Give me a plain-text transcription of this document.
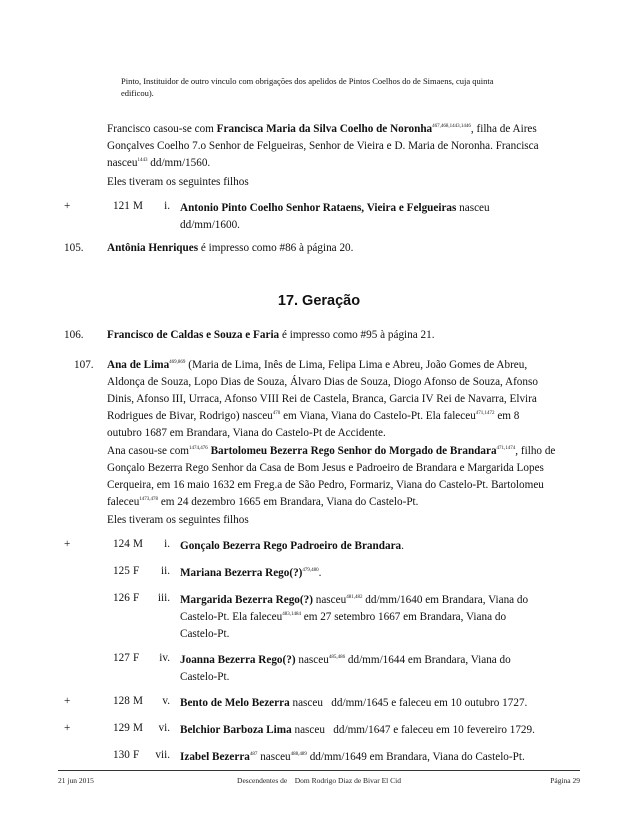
Pinto, Instituidor de outro vinculo com obrigações dos apelidos de Pintos Coelhos do de Simaens, cuja quinta
edificou).
Francisco casou-se com Francisca Maria da Silva Coelho de Noronha$^{467,468,1443,1446}$, filha de Aires
Gonçalves Coelho 7.o Senhor de Felgueiras, Senhor de Vieira e D. Maria de Noronha. Francisca
nasceu$^{1443}$ dd/mm/1560.
Eles tiveram os seguintes filhos
+	121 M	i. Antonio Pinto Coelho Senhor Rataens, Vieira e Felgueiras nasceu
dd/mm/1600.
105. Antônia Henriques é impresso como #86 à página 20.
17. Geração
106. Francisco de Caldas e Souza e Faria é impresso como #95 à página 21.
107. Ana de Lima$^{469,869}$ (Maria de Lima, Inês de Lima, Felipa Lima e Abreu, João Gomes de Abreu,
Aldonça de Souza, Lopo Dias de Souza, Álvaro Dias de Souza, Diogo Afonso de Souza, Afonso
Dinis, Afonso III, Urraca, Afonso VIII Rei de Castela, Branca, Garcia IV Rei de Navarra, Elvira
Rodrigues de Bivar, Rodrigo) nasceu$^{470}$ em Viana, Viana do Castelo-Pt. Ela faleceu$^{471,1472}$ em 8
outubro 1687 em Brandara, Viana do Castelo-Pt de Accidente.
Ana casou-se com$^{1474,476}$ Bartolomeu Bezerra Rego Senhor do Morgado de Brandara$^{471,1474}$, filho de
Gonçalo Bezerra Rego Senhor da Casa de Bom Jesus e Padroeiro de Brandara e Margarida Lopes
Cerqueira, em 16 maio 1632 em Freg.a de São Pedro, Formariz, Viana do Castelo-Pt. Bartolomeu
faleceu$^{1473,478}$ em 24 dezembro 1665 em Brandara, Viana do Castelo-Pt.
Eles tiveram os seguintes filhos
+	124 M	i. Gonçalo Bezerra Rego Padroeiro de Brandara.
125 F	ii. Mariana Bezerra Rego(?)$^{479,480}$.
126 F	iii. Margarida Bezerra Rego(?) nasceu$^{481,482}$ dd/mm/1640 em Brandara, Viana do
Castelo-Pt. Ela faleceu$^{483,1484}$ em 27 setembro 1667 em Brandara, Viana do
Castelo-Pt.
127 F	iv. Joanna Bezerra Rego(?) nasceu$^{485,486}$ dd/mm/1644 em Brandara, Viana do
Castelo-Pt.
+	128 M	v. Bento de Melo Bezerra nasceu   dd/mm/1645 e faleceu em 10 outubro 1727.
+	129 M	vi. Belchior Barboza Lima nasceu   dd/mm/1647 e faleceu em 10 fevereiro 1729.
130 F	vii. Izabel Bezerra$^{487}$ nasceu$^{488,489}$ dd/mm/1649 em Brandara, Viana do Castelo-Pt.
21 jun 2015	Descendentes de    Dom Rodrigo Diaz de Bivar El Cid	Página 29
